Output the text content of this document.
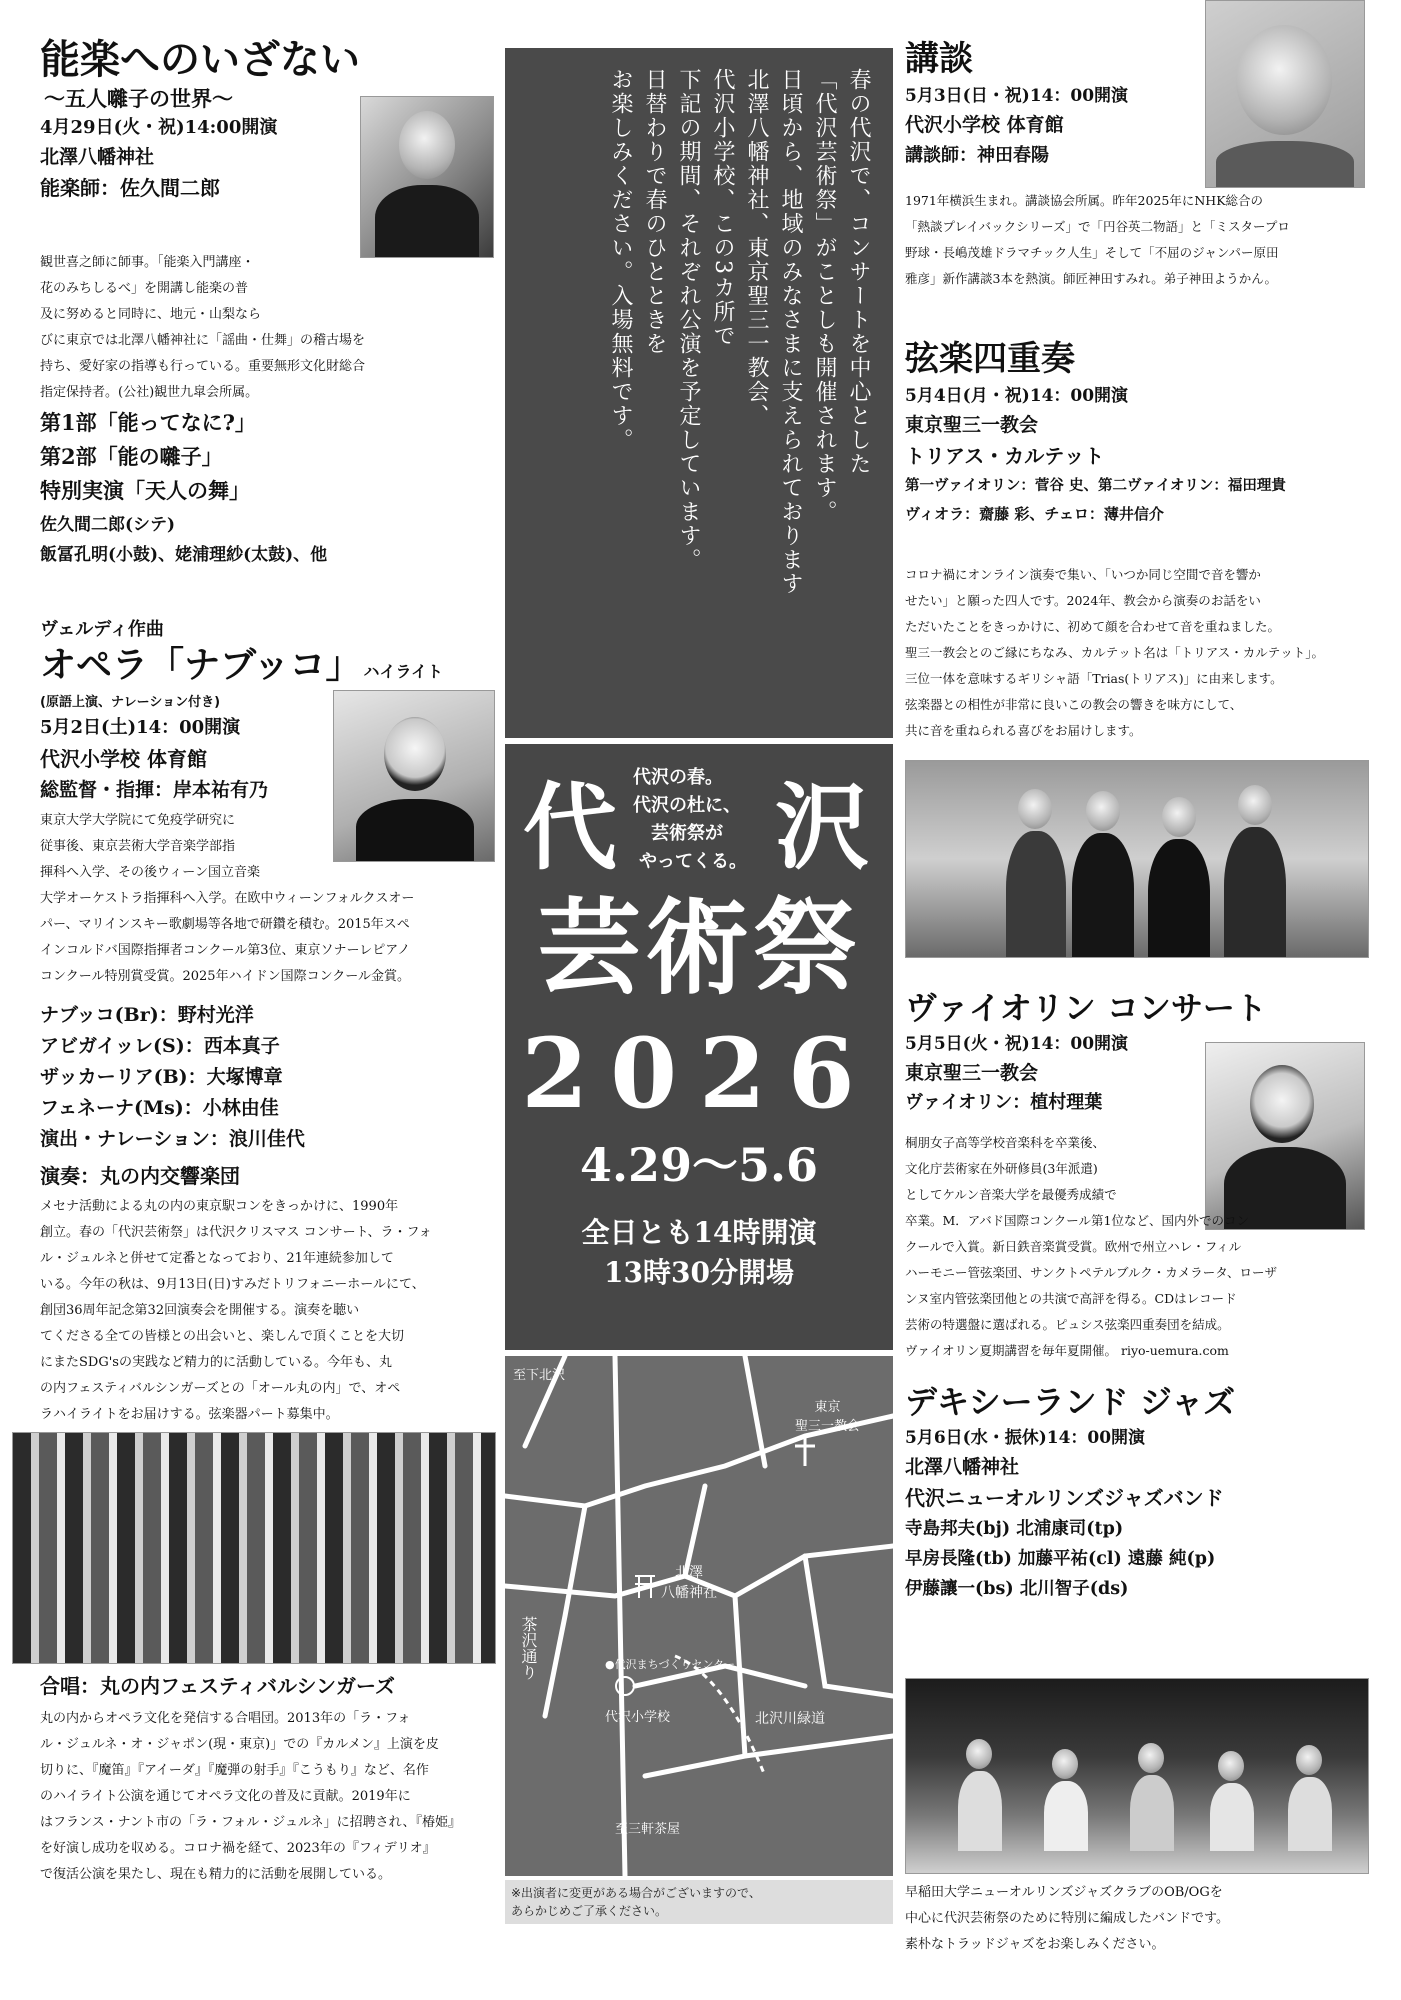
能楽へのいざない
〜五人囃子の世界〜
4月29日(火・祝)14:00開演
北澤八幡神社
能楽師：佐久間二郎
観世喜之師に師事。「能楽入門講座・
花のみちしるべ」を開講し能楽の普
及に努めると同時に、地元・山梨なら
びに東京では北澤八幡神社に「謡曲・仕舞」の稽古場を
持ち、愛好家の指導も行っている。重要無形文化財総合
指定保持者。(公社)観世九皐会所属。
第1部「能ってなに?」
第2部「能の囃子」
特別実演「天人の舞」
佐久間二郎(シテ)
飯冨孔明(小鼓)、姥浦理紗(太鼓)、他
ヴェルディ作曲
オペラ「ナブッコ」 ハイライト
(原語上演、ナレーション付き)
5月2日(土)14：00開演
代沢小学校 体育館
総監督・指揮：岸本祐有乃
東京大学大学院にて免疫学研究に
従事後、東京芸術大学音楽学部指
揮科へ入学、その後ウィーン国立音楽
大学オーケストラ指揮科へ入学。在欧中ウィーンフォルクスオー
パー、マリインスキー歌劇場等各地で研鑽を積む。2015年スペ
インコルドバ国際指揮者コンクール第3位、東京ソナーレピアノ
コンクール特別賞受賞。2025年ハイドン国際コンクール金賞。
ナブッコ(Br)：野村光洋
アビガイッレ(S)：西本真子
ザッカーリア(B)：大塚博章
フェネーナ(Ms)：小林由佳
演出・ナレーション：浪川佳代
演奏：丸の内交響楽団
メセナ活動による丸の内の東京駅コンをきっかけに、1990年
創立。春の「代沢芸術祭」は代沢クリスマス コンサート、ラ・フォ
ル・ジュルネと併せて定番となっており、21年連続参加して
いる。今年の秋は、9月13日(日)すみだトリフォニーホールにて、
創団36周年記念第32回演奏会を開催する。演奏を聴い
てくださる全ての皆様との出会いと、楽しんで頂くことを大切
にまたSDG'sの実践など精力的に活動している。今年も、丸
の内フェスティバルシンガーズとの「オール丸の内」で、オペ
ラハイライトをお届けする。弦楽器パート募集中。
合唱：丸の内フェスティバルシンガーズ
丸の内からオペラ文化を発信する合唱団。2013年の「ラ・フォ
ル・ジュルネ・オ・ジャポン(現・東京)」での『カルメン』上演を皮
切りに、『魔笛』『アイーダ』『魔弾の射手』『こうもり』など、名作
のハイライト公演を通じてオペラ文化の普及に貢献。2019年に
はフランス・ナント市の「ラ・フォル・ジュルネ」に招聘され、『椿姫』
を好演し成功を収める。コロナ禍を経て、2023年の『フィデリオ』
で復活公演を果たし、現在も精力的に活動を展開している。
春の代沢で、コンサートを中心とした
「代沢芸術祭」がことしも開催されます。
日頃から、地域のみなさまに支えられております
北澤八幡神社、東京聖三一教会、
代沢小学校、この3カ所で
下記の期間、それぞれ公演を予定しています。
日替わりで春のひとときを
お楽しみください。入場無料です。
代 代沢の春。
代沢の杜に、
芸術祭が
やってくる。 沢
芸術祭
2026
4.29〜5.6
全日とも14時開演
13時30分開場
至下北沢
東京
聖三一教会
北澤
八幡神社
茶沢通り	●代沢まちづくりセンター
代沢小学校	北沢川緑道
至三軒茶屋
※出演者に変更がある場合がございますので、
あらかじめご了承ください。
講談
5月3日(日・祝)14：00開演
代沢小学校 体育館
講談師：神田春陽
1971年横浜生まれ。講談協会所属。昨年2025年にNHK総合の
「熱談プレイバックシリーズ」で「円谷英二物語」と「ミスタープロ
野球・長嶋茂雄ドラマチック人生」そして「不屈のジャンパー原田
雅彦」新作講談3本を熱演。師匠神田すみれ。弟子神田ようかん。
弦楽四重奏
5月4日(月・祝)14：00開演
東京聖三一教会
トリアス・カルテット
第一ヴァイオリン：菅谷 史、第二ヴァイオリン：福田理貴
ヴィオラ：齋藤 彩、チェロ：薄井信介
コロナ禍にオンライン演奏で集い、「いつか同じ空間で音を響か
せたい」と願った四人です。2024年、教会から演奏のお話をい
ただいたことをきっかけに、初めて顔を合わせて音を重ねました。
聖三一教会とのご縁にちなみ、カルテット名は「トリアス・カルテット」。
三位一体を意味するギリシャ語「Trias(トリアス)」に由来します。
弦楽器との相性が非常に良いこの教会の響きを味方にして、
共に音を重ねられる喜びをお届けします。
ヴァイオリン コンサート
5月5日(火・祝)14：00開演
東京聖三一教会
ヴァイオリン：植村理葉
桐朋女子高等学校音楽科を卒業後、
文化庁芸術家在外研修員(3年派遣)
としてケルン音楽大学を最優秀成績で
卒業。M．アバド国際コンクール第1位など、国内外でのコン
クールで入賞。新日鉄音楽賞受賞。欧州で州立ハレ・フィル
ハーモニー管弦楽団、サンクトペテルブルク・カメラータ、ローザ
ンヌ室内管弦楽団他との共演で高評を得る。CDはレコード
芸術の特選盤に選ばれる。ピュシス弦楽四重奏団を結成。
ヴァイオリン夏期講習を毎年夏開催。 riyo-uemura.com
デキシーランド ジャズ
5月6日(水・振休)14：00開演
北澤八幡神社
代沢ニューオルリンズジャズバンド
寺島邦夫(bj) 北浦康司(tp)
早房長隆(tb) 加藤平祐(cl) 遠藤 純(p)
伊藤讓一(bs) 北川智子(ds)
早稲田大学ニューオルリンズジャズクラブのOB/OGを
中心に代沢芸術祭のために特別に編成したバンドです。
素朴なトラッドジャズをお楽しみください。
